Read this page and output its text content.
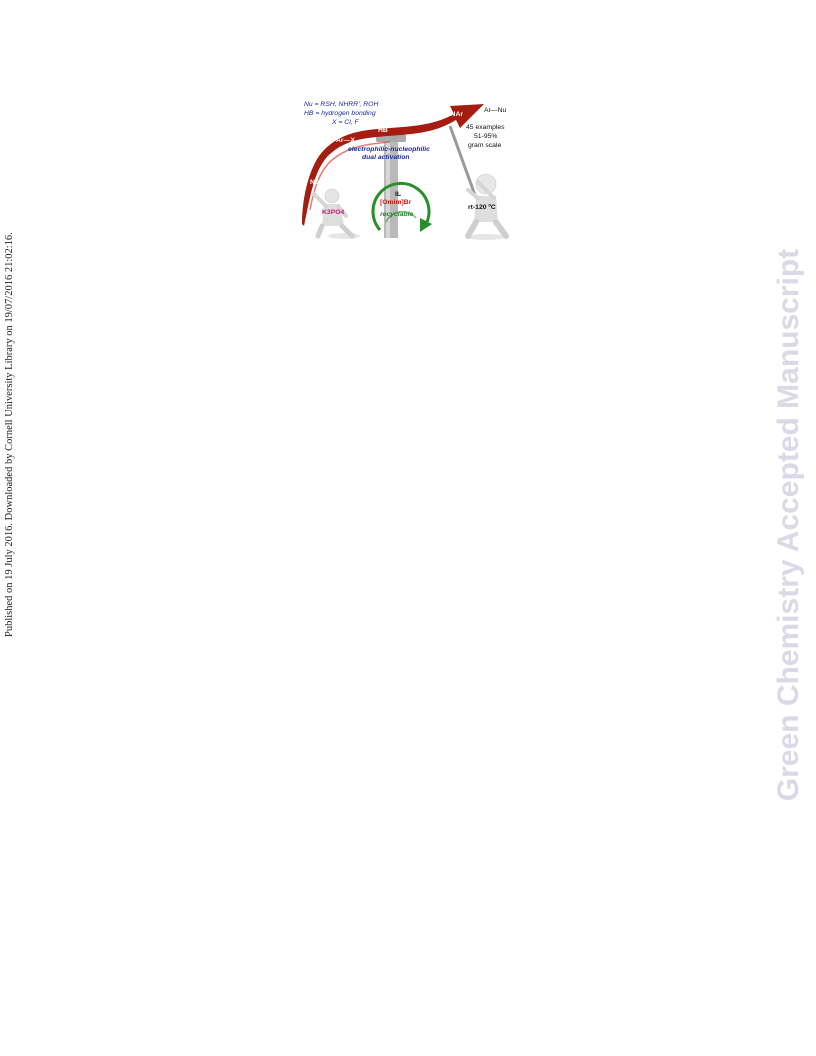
Published on 19 July 2016. Downloaded by Cornell University Library on 19/07/2016 21:02:16.	Green Chemistry Accepted Manuscript
Nu = RSH, NHRR', ROH
HB = hydrogen bonding
X = Cl, F
HB
SNAr
Ar—Nu
45 examples
51-95%
gram scale
Ar—X
electrophilic-nucleophilic
dual activation
+
NuH
IL
[Omim]Br
recyclable
K3PO4
rt-120 ºC
